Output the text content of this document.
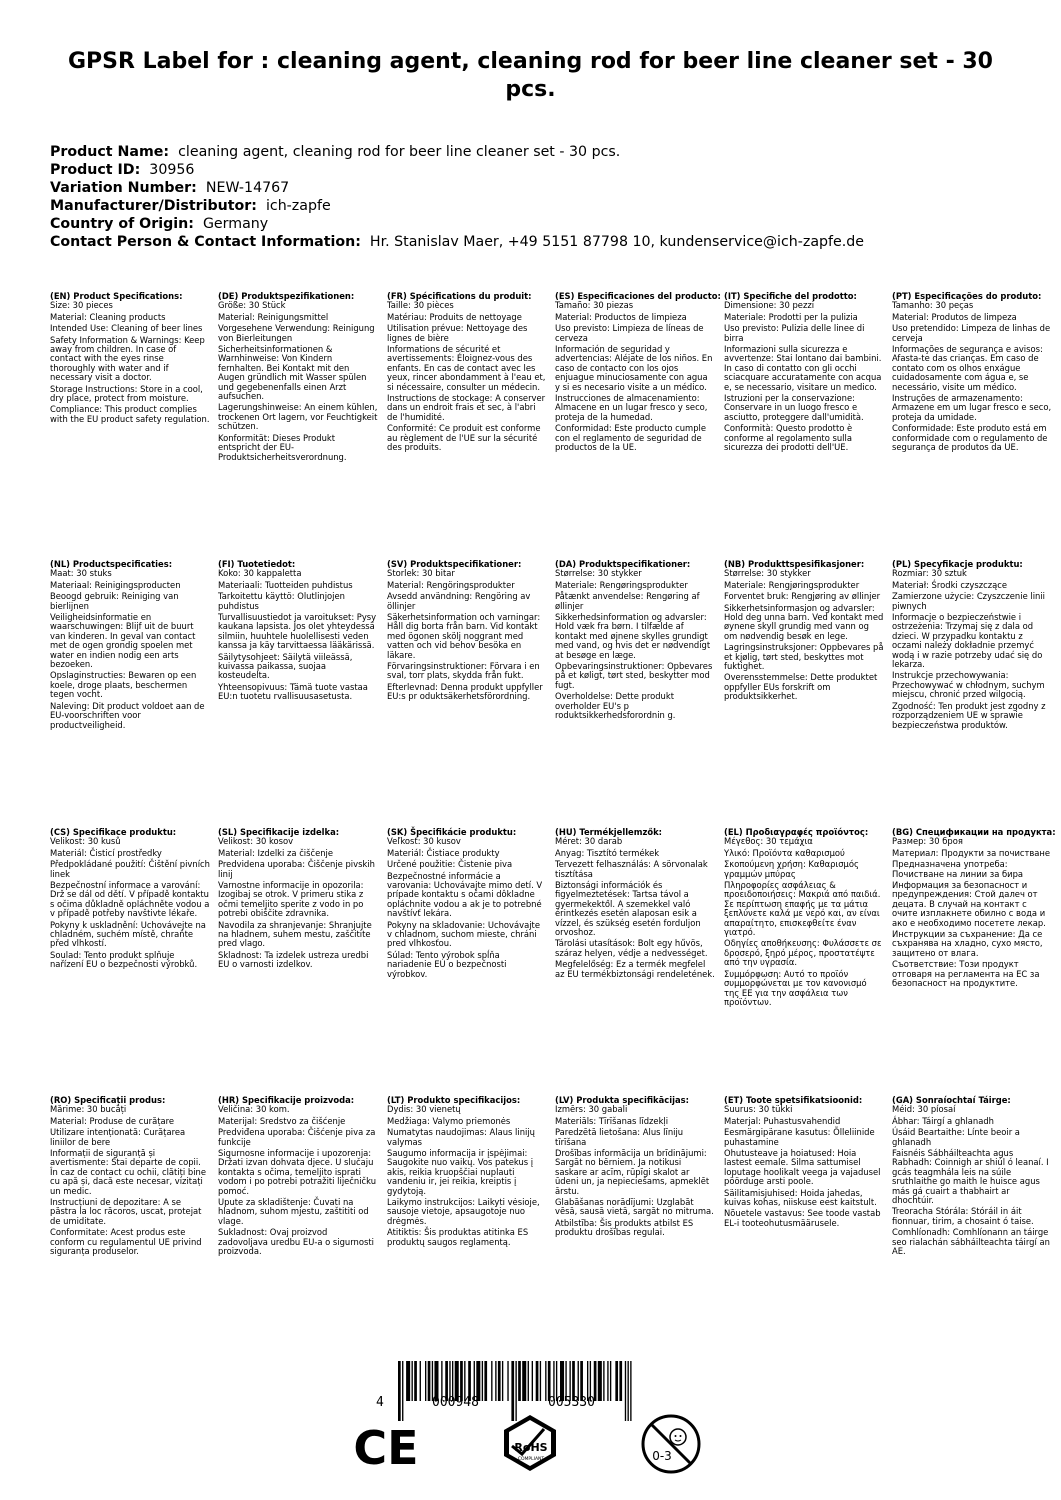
GPSR Label for : cleaning agent, cleaning rod for beer line cleaner set - 30 pcs.
Product Name: cleaning agent, cleaning rod for beer line cleaner set - 30 pcs.
Product ID: 30956
Variation Number: NEW-14767
Manufacturer/Distributor: ich-zapfe
Country of Origin: Germany
Contact Person & Contact Information: Hr. Stanislav Maer, +49 5151 87798 10, kundenservice@ich-zapfe.de
(EN) Product Specifications:
Size: 30 pieces
Material: Cleaning products
Intended Use: Cleaning of beer lines
Safety Information & Warnings: Keep away from children. In case of contact with the eyes rinse thoroughly with water and if necessary visit a doctor.
Storage Instructions: Store in a cool, dry place, protect from moisture.
Compliance: This product complies with the EU product safety regulation.
(DE) Produktspezifikationen:
Größe: 30 Stück
Material: Reinigungsmittel
Vorgesehene Verwendung: Reinigung von Bierleitungen
Sicherheitsinformationen & Warnhinweise: Von Kindern fernhalten. Bei Kontakt mit den Augen gründlich mit Wasser spülen und gegebenenfalls einen Arzt aufsuchen.
Lagerungshinweise: An einem kühlen, trockenen Ort lagern, vor Feuchtigkeit schützen.
Konformität: Dieses Produkt entspricht der EU-Produktsicherheitsverordnung.
(FR) Spécifications du produit:
Taille: 30 pièces
Matériau: Produits de nettoyage
Utilisation prévue: Nettoyage des lignes de bière
Informations de sécurité et avertissements: Éloignez-vous des enfants. En cas de contact avec les yeux, rincer abondamment à l'eau et, si nécessaire, consulter un médecin.
Instructions de stockage: A conserver dans un endroit frais et sec, à l'abri de l'humidité.
Conformité: Ce produit est conforme au règlement de l'UE sur la sécurité des produits.
(ES) Especificaciones del producto:
Tamaño: 30 piezas
Material: Productos de limpieza
Uso previsto: Limpieza de líneas de cerveza
Información de seguridad y advertencias: Aléjate de los niños. En caso de contacto con los ojos enjuague minuciosamente con agua y si es necesario visite a un médico.
Instrucciones de almacenamiento: Almacene en un lugar fresco y seco, proteja de la humedad.
Conformidad: Este producto cumple con el reglamento de seguridad de productos de la UE.
(IT) Specifiche del prodotto:
Dimensione: 30 pezzi
Materiale: Prodotti per la pulizia
Uso previsto: Pulizia delle linee di birra
Informazioni sulla sicurezza e avvertenze: Stai lontano dai bambini. In caso di contatto con gli occhi sciacquare accuratamente con acqua e, se necessario, visitare un medico.
Istruzioni per la conservazione: Conservare in un luogo fresco e asciutto, proteggere dall'umidità.
Conformità: Questo prodotto è conforme al regolamento sulla sicurezza dei prodotti dell'UE.
(PT) Especificações do produto:
Tamanho: 30 peças
Material: Produtos de limpeza
Uso pretendido: Limpeza de linhas de cerveja
Informações de segurança e avisos: Afasta-te das crianças. Em caso de contato com os olhos enxágue cuidadosamente com água e, se necessário, visite um médico.
Instruções de armazenamento: Armazene em um lugar fresco e seco, proteja da umidade.
Conformidade: Este produto está em conformidade com o regulamento de segurança de produtos da UE.
(NL) Productspecificaties:
Maat: 30 stuks
Materiaal: Reinigingsproducten
Beoogd gebruik: Reiniging van bierlijnen
Veiligheidsinformatie en waarschuwingen: Blijf uit de buurt van kinderen. In geval van contact met de ogen grondig spoelen met water en indien nodig een arts bezoeken.
Opslaginstructies: Bewaren op een koele, droge plaats, beschermen tegen vocht.
Naleving: Dit product voldoet aan de EU-voorschriften voor productveiligheid.
(FI) Tuotetiedot:
Koko: 30 kappaletta
Materiaali: Tuotteiden puhdistus
Tarkoitettu käyttö: Olutlinjojen puhdistus
Turvallisuustiedot ja varoitukset: Pysy kaukana lapsista. Jos olet yhteydessä silmiin, huuhtele huolellisesti veden kanssa ja käy tarvittaessa lääkärissä.
Säilytysohjeet: Säilytä viileässä, kuivassa paikassa, suojaa kosteudelta.
Yhteensopivuus: Tämä tuote vastaa EU:n tuotetu rvallisuusasetusta.
(SV) Produktspecifikationer:
Storlek: 30 bitar
Material: Rengöringsprodukter
Avsedd användning: Rengöring av öllinjer
Säkerhetsinformation och varningar: Håll dig borta från barn. Vid kontakt med ögonen skölj noggrant med vatten och vid behov besöka en läkare.
Förvaringsinstruktioner: Förvara i en sval, torr plats, skydda från fukt.
Efterlevnad: Denna produkt uppfyller EU:s pr oduktsäkerhetsförordning.
(DA) Produktspecifikationer:
Størrelse: 30 stykker
Materiale: Rengøringsprodukter
Påtænkt anvendelse: Rengøring af øllinjer
Sikkerhedsinformation og advarsler: Hold væk fra børn. I tilfælde af kontakt med øjnene skylles grundigt med vand, og hvis det er nødvendigt at besøge en læge.
Opbevaringsinstruktioner: Opbevares på et køligt, tørt sted, beskytter mod fugt.
Overholdelse: Dette produkt overholder EU's p roduktsikkerhedsforordnin g.
(NB) Produkttspesifikasjoner:
Størrelse: 30 stykker
Materiale: Rengjøringsprodukter
Forventet bruk: Rengjøring av øllinjer
Sikkerhetsinformasjon og advarsler: Hold deg unna barn. Ved kontakt med øynene skyll grundig med vann og om nødvendig besøk en lege.
Lagringsinstruksjoner: Oppbevares på et kjølig, tørt sted, beskyttes mot fuktighet.
Overensstemmelse: Dette produktet oppfyller EUs forskrift om produktsikkerhet.
(PL) Specyfikacje produktu:
Rozmiar: 30 sztuk
Materiał: Środki czyszczące
Zamierzone użycie: Czyszczenie linii piwnych
Informacje o bezpieczeństwie i ostrzeżenia: Trzymaj się z dala od dzieci. W przypadku kontaktu z oczami należy dokładnie przemyć wodą i w razie potrzeby udać się do lekarza.
Instrukcje przechowywania: Przechowywać w chłodnym, suchym miejscu, chronić przed wilgocią.
Zgodność: Ten produkt jest zgodny z rozporządzeniem UE w sprawie bezpieczeństwa produktów.
(CS) Specifikace produktu:
Velikost: 30 kusů
Materiál: Čisticí prostředky
Předpokládané použití: Čištění pivních linek
Bezpečnostní informace a varování: Drž se dál od dětí. V případě kontaktu s očima důkladně opláchněte vodou a v případě potřeby navštivte lékaře.
Pokyny k uskladnění: Uchovávejte na chladném, suchém místě, chraňte před vlhkostí.
Soulad: Tento produkt splňuje nařízení EU o bezpečnosti výrobků.
(SL) Specifikacije izdelka:
Velikost: 30 kosov
Material: Izdelki za čiščenje
Predvidena uporaba: Čiščenje pivskih linij
Varnostne informacije in opozorila: Izogibaj se otrok. V primeru stika z očmi temeljito sperite z vodo in po potrebi obiščite zdravnika.
Navodila za shranjevanje: Shranjujte na hladnem, suhem mestu, zaščitite pred vlago.
Skladnost: Ta izdelek ustreza uredbi EU o varnosti izdelkov.
(SK) Špecifikácie produktu:
Veľkosť: 30 kusov
Materiál: Čistiace produkty
Určené použitie: Čistenie piva
Bezpečnostné informácie a varovania: Uchovávajte mimo detí. V prípade kontaktu s očami dôkladne opláchnite vodou a ak je to potrebné navštívť lekára.
Pokyny na skladovanie: Uchovávajte v chladnom, suchom mieste, chráni pred vlhkosťou.
Súlad: Tento výrobok spĺňa nariadenie EÚ o bezpečnosti výrobkov.
(HU) Termékjellemzők:
Méret: 30 darab
Anyag: Tisztító termékek
Tervezett felhasználás: A sörvonalak tisztítása
Biztonsági információk és figyelmeztetések: Tartsa távol a gyermekektől. A szemekkel való érintkezés esetén alaposan esik a vízzel, és szükség esetén forduljon orvoshoz.
Tárolási utasítások: Bolt egy hűvös, száraz helyen, védje a nedvességet.
Megfelelőség: Ez a termék megfelel az EU termékbiztonsági rendeletének.
(EL) Προδιαγραφές προϊόντος:
Μέγεθος: 30 τεμάχια
Υλικό: Προϊόντα καθαρισμού
Σκοπούμενη χρήση: Καθαρισμός γραμμών μπύρας
Πληροφορίες ασφάλειας & προειδοποιήσεις: Μακριά από παιδιά. Σε περίπτωση επαφής με τα μάτια ξεπλύνετε καλά με νερό και, αν είναι απαραίτητο, επισκεφθείτε έναν γιατρό.
Οδηγίες αποθήκευσης: Φυλάσσετε σε δροσερό, ξηρό μέρος, προστατέψτε από την υγρασία.
Συμμόρφωση: Αυτό το προϊόν συμμορφώνεται με τον κανονισμό της ΕΕ για την ασφάλεια των προϊόντων.
(BG) Спецификации на продукта:
Размер: 30 броя
Материал: Продукти за почистване
Предназначена употреба: Почистване на линии за бира
Информация за безопасност и предупреждения: Стой далеч от децата. В случай на контакт с очите изплакнете обилно с вода и ако е необходимо посетете лекар.
Инструкции за съхранение: Да се съхранява на хладно, сухо място, защитено от влага.
Съответствие: Този продукт отговаря на регламента на ЕС за безопасност на продуктите.
(RO) Specificații produs:
Mărime: 30 bucăți
Material: Produse de curățare
Utilizare intenționată: Curățarea liniilor de bere
Informații de siguranță și avertismente: Stai departe de copii. În caz de contact cu ochii, clătiți bine cu apă și, dacă este necesar, vizitați un medic.
Instrucțiuni de depozitare: A se păstra la loc răcoros, uscat, protejat de umiditate.
Conformitate: Acest produs este conform cu regulamentul UE privind siguranța produselor.
(HR) Specifikacije proizvoda:
Veličina: 30 kom.
Materijal: Sredstvo za čišćenje
Predviđena uporaba: Čišćenje piva za funkcije
Sigurnosne informacije i upozorenja: Držati izvan dohvata djece. U slučaju kontakta s očima, temeljito isprati vodom i po potrebi potražiti liječničku pomoć.
Upute za skladištenje: Čuvati na hladnom, suhom mjestu, zaštititi od vlage.
Sukladnost: Ovaj proizvod zadovoljava uredbu EU-a o sigurnosti proizvoda.
(LT) Produkto specifikacijos:
Dydis: 30 vienetų
Medžiaga: Valymo priemonės
Numatytas naudojimas: Alaus linijų valymas
Saugumo informacija ir įspėjimai: Saugokite nuo vaikų. Vos patekus į akis, reikia kruopščiai nuplauti vandeniu ir, jei reikia, kreiptis į gydytoją.
Laikymo instrukcijos: Laikyti vėsioje, sausoje vietoje, apsaugotoje nuo drėgmės.
Atitiktis: Šis produktas atitinka ES produktų saugos reglamentą.
(LV) Produkta specifikācijas:
Izmērs: 30 gabali
Materiāls: Tīrīšanas līdzekļi
Paredzētā lietošana: Alus līniju tīrīšana
Drošības informācija un brīdinājumi: Sargāt no bērniem. Ja notikusi saskare ar acīm, rūpīgi skalot ar ūdeni un, ja nepieciešams, apmeklēt ārstu.
Glabāšanas norādījumi: Uzglabāt vēsā, sausā vietā, sargāt no mitruma.
Atbilstība: Šis produkts atbilst ES produktu drošības regulai.
(ET) Toote spetsifikatsioonid:
Suurus: 30 tükki
Materjal: Puhastusvahendid
Eesmärgipärane kasutus: Õlleliinide puhastamine
Ohutusteave ja hoiatused: Hoia lastest eemale. Silma sattumisel loputage hoolikalt veega ja vajadusel pöörduge arsti poole.
Säilitamisjuhised: Hoida jahedas, kuivas kohas, niiskuse eest kaitstult.
Nõuetele vastavus: See toode vastab EL-i tooteohutusmäärusele.
(GA) Sonraíochtaí Táirge:
Méid: 30 píosaí
Ábhar: Táirgí a ghlanadh
Úsáid Beartaithe: Línte beoir a ghlanadh
Faisnéis Sábháilteachta agus Rabhadh: Coinnigh ar shiúl ó leanaí. I gcás teagmhála leis na súile sruthlaithe go maith le huisce agus más gá cuairt a thabhairt ar dhochtúir.
Treoracha Stórála: Stóráil in áit fionnuar, tirim, a chosaint ó taise.
Comhlíonadh: Comhlíonann an táirge seo rialachán sábháilteachta táirgí an AE.
4	000948	005330
CE	RoHS
COMPLIANT	0-3
